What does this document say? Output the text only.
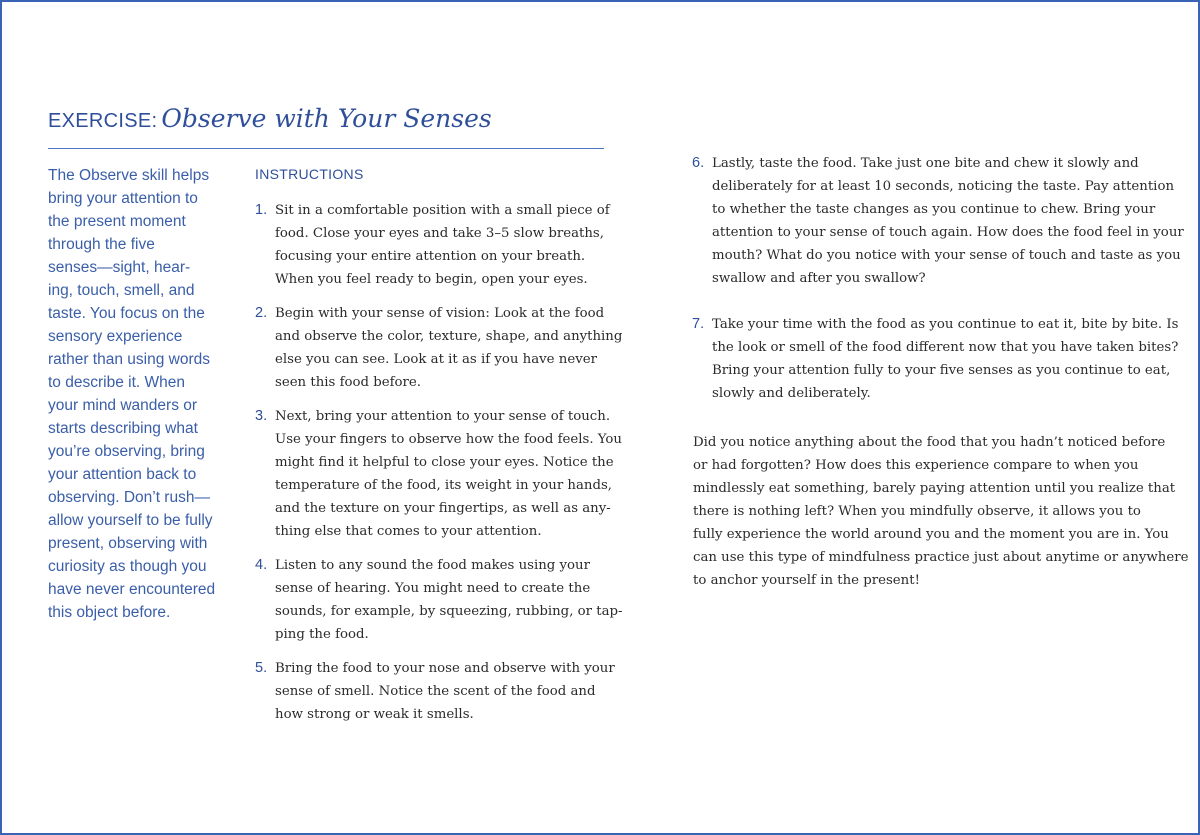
EXERCISE: Observe with Your Senses
The Observe skill helps
bring your attention to
the present moment
through the five
senses—sight, hear-
ing, touch, smell, and
taste. You focus on the
sensory experience
rather than using words
to describe it. When
your mind wanders or
starts describing what
you’re observing, bring
your attention back to
observing. Don’t rush—
allow yourself to be fully
present, observing with
curiosity as though you
have never encountered
this object before.
INSTRUCTIONS
1. Sit in a comfortable position with a small piece of
food. Close your eyes and take 3–5 slow breaths,
focusing your entire attention on your breath.
When you feel ready to begin, open your eyes.
2. Begin with your sense of vision: Look at the food
and observe the color, texture, shape, and anything
else you can see. Look at it as if you have never
seen this food before.
3. Next, bring your attention to your sense of touch.
Use your fingers to observe how the food feels. You
might find it helpful to close your eyes. Notice the
temperature of the food, its weight in your hands,
and the texture on your fingertips, as well as any-
thing else that comes to your attention.
4. Listen to any sound the food makes using your
sense of hearing. You might need to create the
sounds, for example, by squeezing, rubbing, or tap-
ping the food.
5. Bring the food to your nose and observe with your
sense of smell. Notice the scent of the food and
how strong or weak it smells.
6. Lastly, taste the food. Take just one bite and chew it slowly and
deliberately for at least 10 seconds, noticing the taste. Pay attention
to whether the taste changes as you continue to chew. Bring your
attention to your sense of touch again. How does the food feel in your
mouth? What do you notice with your sense of touch and taste as you
swallow and after you swallow?
7. Take your time with the food as you continue to eat it, bite by bite. Is
the look or smell of the food different now that you have taken bites?
Bring your attention fully to your five senses as you continue to eat,
slowly and deliberately.
Did you notice anything about the food that you hadn’t noticed before
or had forgotten? How does this experience compare to when you
mindlessly eat something, barely paying attention until you realize that
there is nothing left? When you mindfully observe, it allows you to
fully experience the world around you and the moment you are in. You
can use this type of mindfulness practice just about anytime or anywhere
to anchor yourself in the present!
